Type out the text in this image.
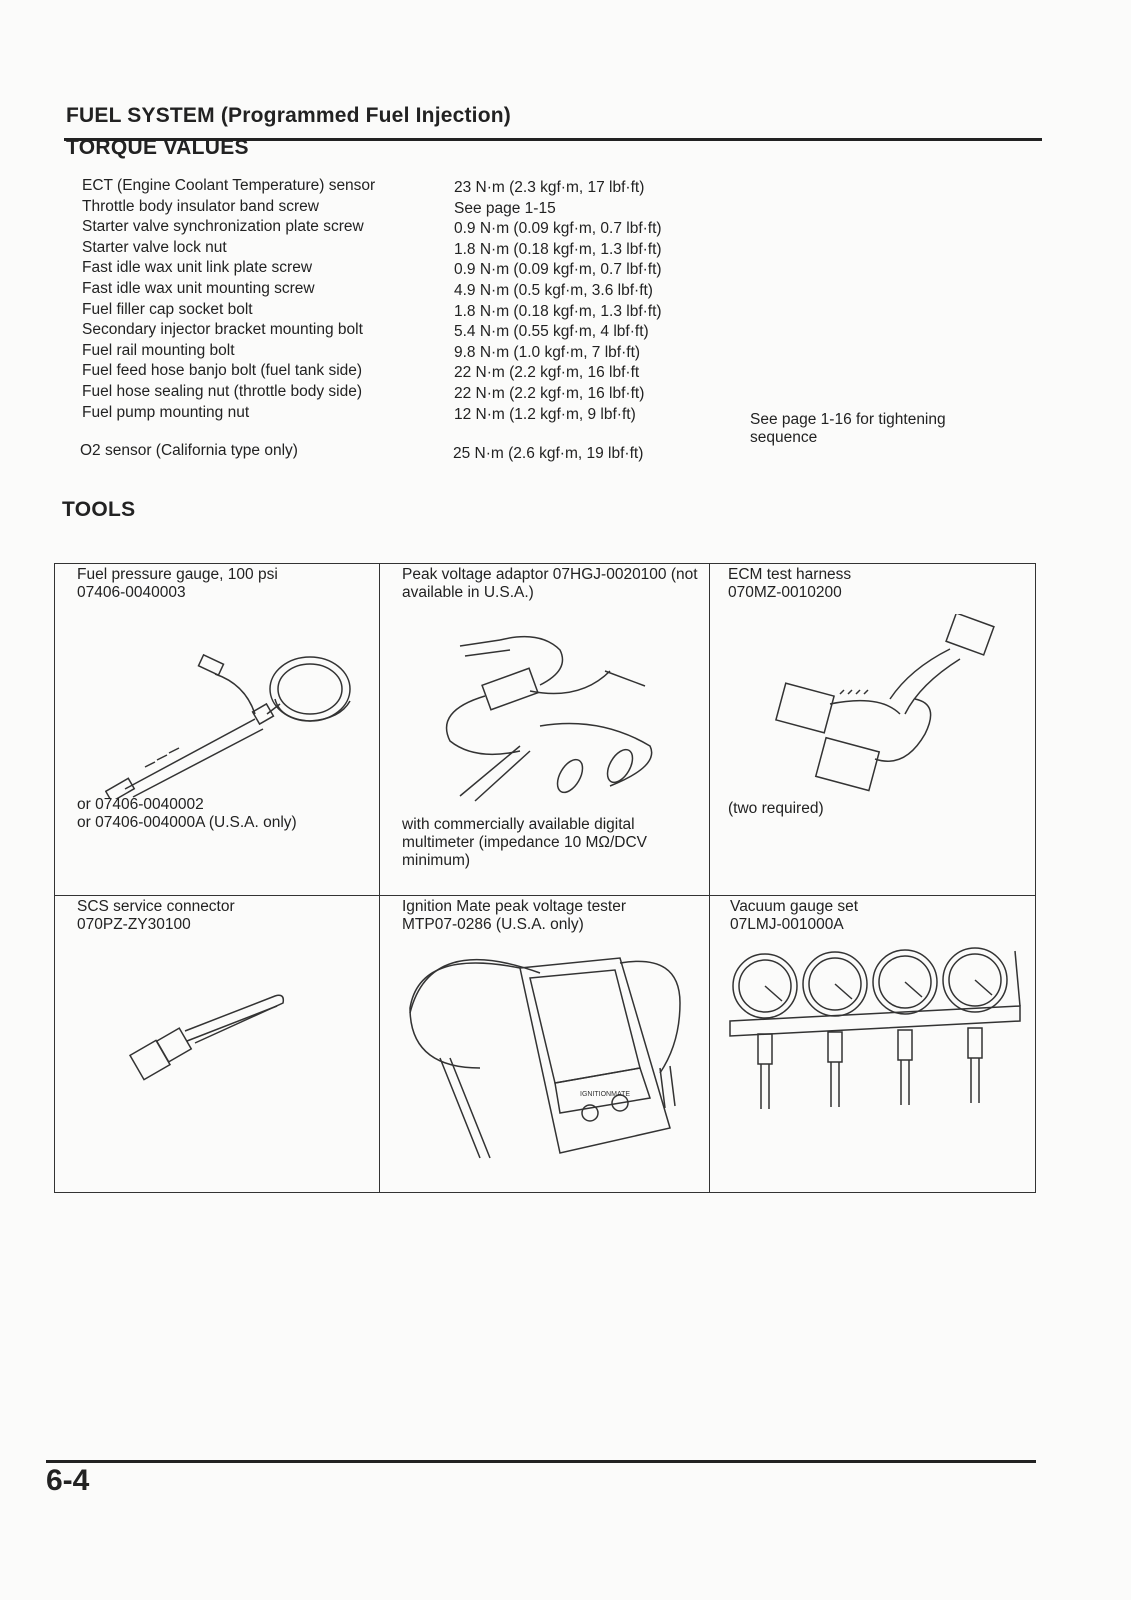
FUEL SYSTEM (Programmed Fuel Injection)
TORQUE VALUES
ECT (Engine Coolant Temperature) sensor
Throttle body insulator band screw
Starter valve synchronization plate screw
Starter valve lock nut
Fast idle wax unit link plate screw
Fast idle wax unit mounting screw
Fuel filler cap socket bolt
Secondary injector bracket mounting bolt
Fuel rail mounting bolt
Fuel feed hose banjo bolt (fuel tank side)
Fuel hose sealing nut (throttle body side)
Fuel pump mounting nut
23 N·m (2.3 kgf·m, 17 lbf·ft)
See page 1-15
0.9 N·m (0.09 kgf·m, 0.7 lbf·ft)
1.8 N·m (0.18 kgf·m, 1.3 lbf·ft)
0.9 N·m (0.09 kgf·m, 0.7 lbf·ft)
4.9 N·m (0.5 kgf·m, 3.6 lbf·ft)
1.8 N·m (0.18 kgf·m, 1.3 lbf·ft)
5.4 N·m (0.55 kgf·m, 4 lbf·ft)
9.8 N·m (1.0 kgf·m, 7 lbf·ft)
22 N·m (2.2 kgf·m, 16 lbf·ft
22 N·m (2.2 kgf·m, 16 lbf·ft)
12 N·m (1.2 kgf·m, 9 lbf·ft)	See page 1-16 for tightening sequence
O2 sensor (California type only)	25 N·m (2.6 kgf·m, 19 lbf·ft)
TOOLS
Fuel pressure gauge, 100 psi
07406-0040003
or 07406-0040002
or 07406-004000A (U.S.A. only)
Peak voltage adaptor 07HGJ-0020100 (not available in U.S.A.)
with commercially available digital multimeter (impedance 10 MΩ/DCV minimum)
ECM test harness
070MZ-0010200
(two required)
SCS service connector
070PZ-ZY30100
Ignition Mate peak voltage tester
MTP07-0286 (U.S.A. only)
IGNITIONMATE
Vacuum gauge set
07LMJ-001000A
6-4
